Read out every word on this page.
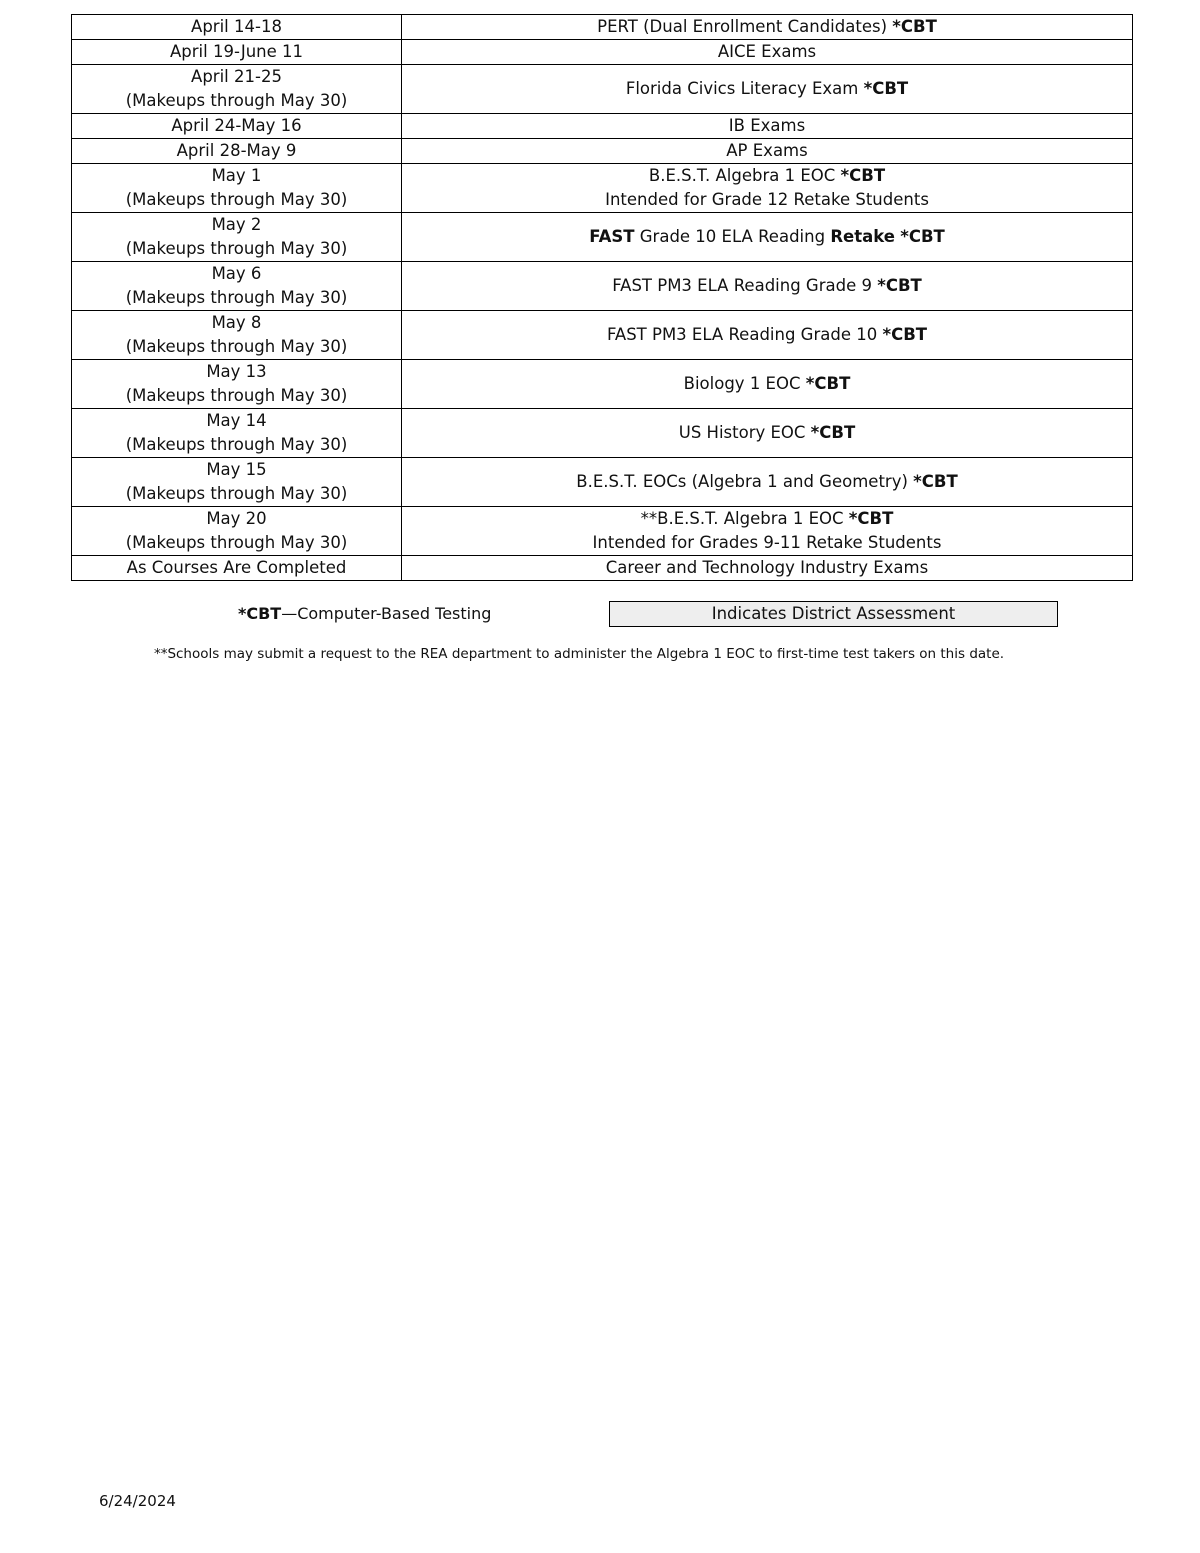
April 14-18	PERT (Dual Enrollment Candidates) *CBT

April 19-June 11	AICE Exams

April 21-25
(Makeups through May 30)	Florida Civics Literacy Exam *CBT

April 24-May 16	IB Exams

April 28-May 9	AP Exams

May 1
(Makeups through May 30)	B.E.S.T. Algebra 1 EOC *CBT
Intended for Grade 12 Retake Students

May 2
(Makeups through May 30)	FAST Grade 10 ELA Reading Retake *CBT

May 6
(Makeups through May 30)	FAST PM3 ELA Reading Grade 9 *CBT

May 8
(Makeups through May 30)	FAST PM3 ELA Reading Grade 10 *CBT

May 13
(Makeups through May 30)	Biology 1 EOC *CBT

May 14
(Makeups through May 30)	US History EOC *CBT

May 15
(Makeups through May 30)	B.E.S.T. EOCs (Algebra 1 and Geometry) *CBT

May 20
(Makeups through May 30)	**B.E.S.T. Algebra 1 EOC *CBT
Intended for Grades 9-11 Retake Students

As Courses Are Completed	Career and Technology Industry Exams
*CBT—Computer-Based Testing	Indicates District Assessment
**Schools may submit a request to the REA department to administer the Algebra 1 EOC to first-time test takers on this date.
6/24/2024
